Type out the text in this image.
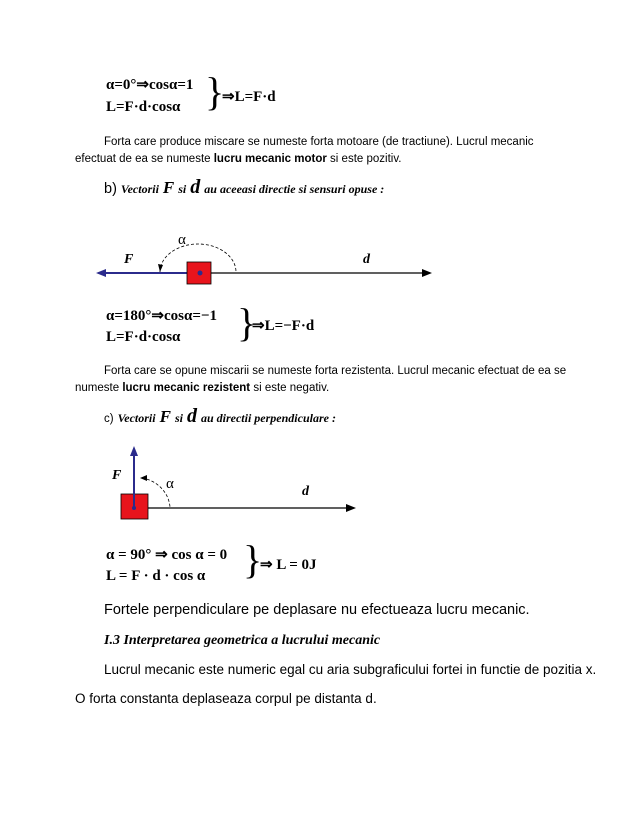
α=0°⇒cosα=1
L=F·d·cosα }
⇒L=F·d
Forta care produce miscare se numeste forta motoare (de tractiune). Lucrul mecanic
efectuat de ea se numeste lucru mecanic motor si este pozitiv.
b) Vectorii F si d au aceeasi directie si sensuri opuse :
α
F	d
α=180°⇒cosα=−1
L=F·d·cosα }
⇒L=−F·d
Forta care se opune miscarii se numeste forta rezistenta. Lucrul mecanic efectuat de ea se
numeste lucru mecanic rezistent si este negativ.
c) Vectorii F si d au directii perpendiculare :
α
F
d
α = 90° ⇒ cos α = 0
L = F · d · cos α }
⇒ L = 0J
Fortele perpendiculare pe deplasare nu efectueaza lucru mecanic.
I.3 Interpretarea geometrica a lucrului mecanic
Lucrul mecanic este numeric egal cu aria subgraficului fortei in functie de pozitia x.
O forta constanta deplaseaza corpul pe distanta d.
